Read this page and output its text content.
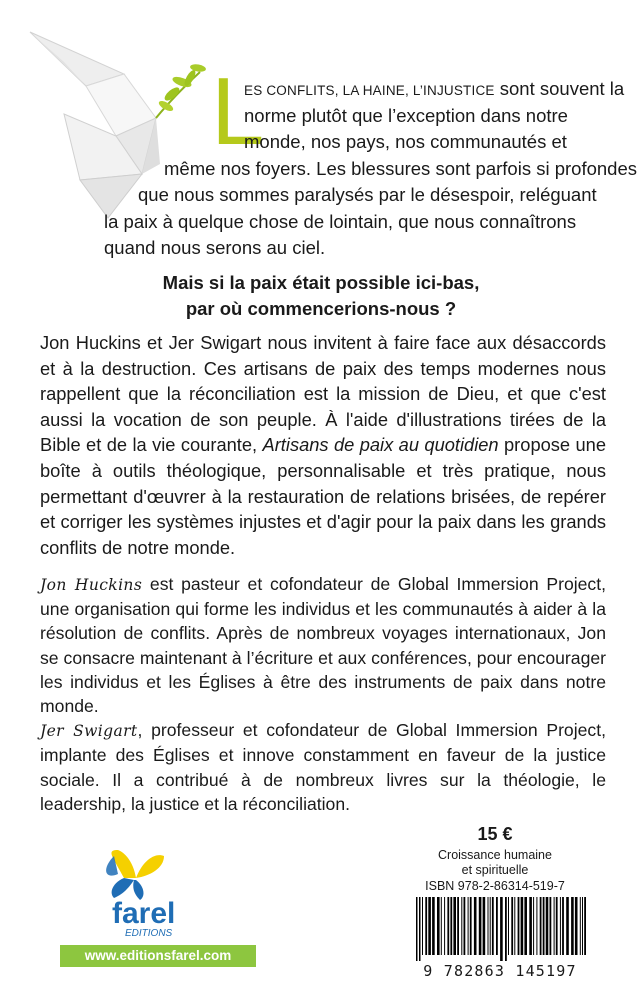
L
ES CONFLITS, LA HAINE, L’INJUSTICE sont souvent la
norme plutôt que l’exception dans notre
monde, nos pays, nos communautés et
même nos foyers. Les blessures sont parfois si profondes
que nous sommes paralysés par le désespoir, reléguant
la paix à quelque chose de lointain, que nous connaîtrons
quand nous serons au ciel.
Mais si la paix était possible ici-bas,
par où commencerions-nous ?
Jon Huckins et Jer Swigart nous invitent à faire face aux désaccords et à la destruction. Ces artisans de paix des temps modernes nous rappellent que la réconciliation est la mission de Dieu, et que c'est aussi la vocation de son peuple. À l'aide d'illustrations tirées de la Bible et de la vie courante, Artisans de paix au quotidien propose une boîte à outils théologique, personnalisable et très pratique, nous permettant d'œuvrer à la restauration de relations brisées, de repérer et corriger les systèmes injustes et d'agir pour la paix dans les grands conflits de notre monde.
Jon Huckins est pasteur et cofondateur de Global Immersion Project, une organisation qui forme les individus et les communautés à aider à la résolution de conflits. Après de nombreux voyages internationaux, Jon se consacre maintenant à l’écriture et aux conférences, pour encourager les individus et les Églises à être des instruments de paix dans notre monde.
Jer Swigart, professeur et cofondateur de Global Immersion Project, implante des Églises et innove constamment en faveur de la justice sociale. Il a contribué à de nombreux livres sur la théologie, le leadership, la justice et la réconciliation.
farel
EDITIONS
www.editionsfarel.com
15 €
Croissance humaine
et spirituelle
ISBN 978-2-86314-519-7
9 782863 145197
